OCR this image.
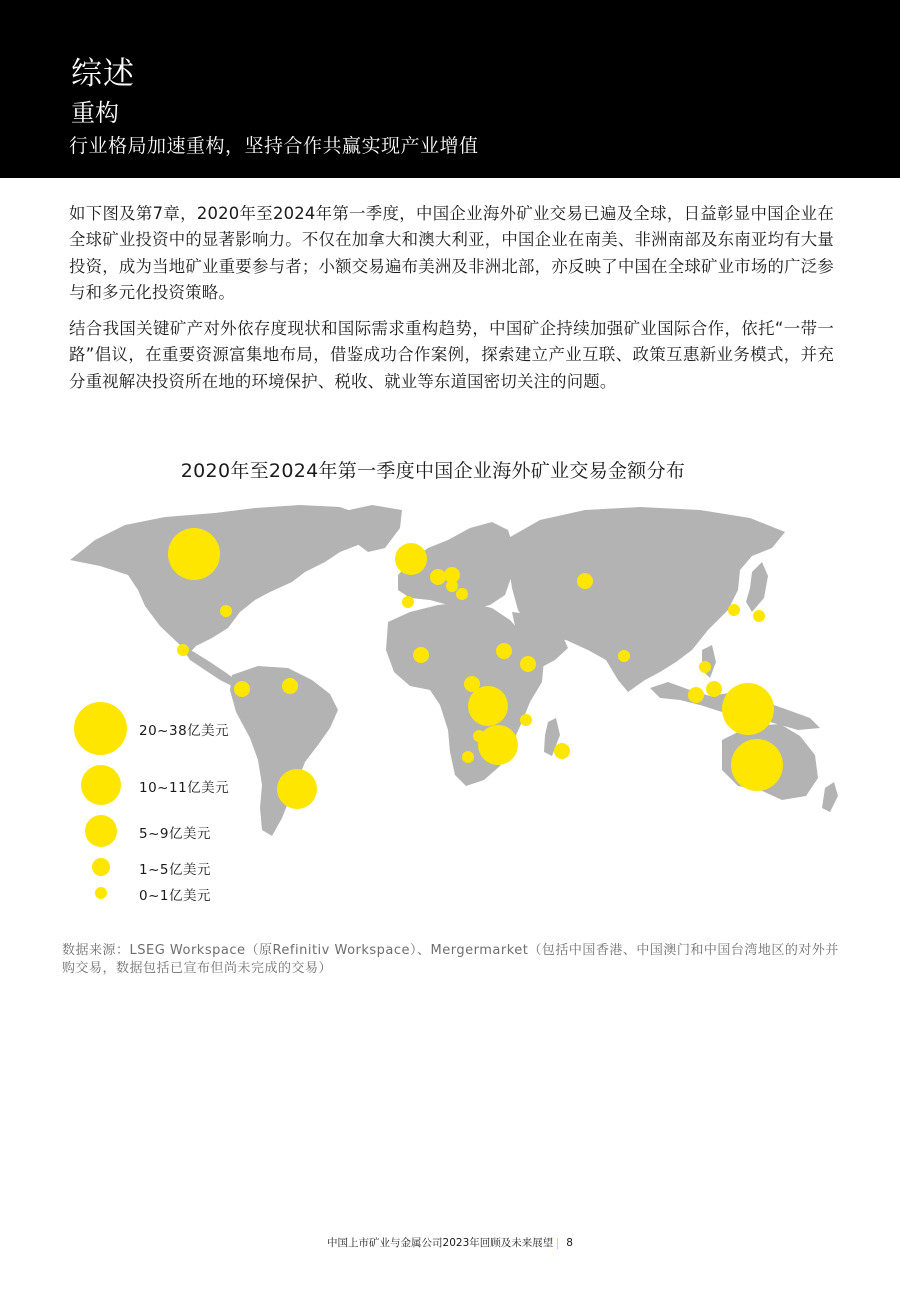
综述
重构
行业格局加速重构，坚持合作共赢实现产业增值

如下图及第7章，2020年至2024年第一季度，中国企业海外矿业交易已遍及全球，日益彰显中国企业在全球矿业投资中的显著影响力。不仅在加拿大和澳大利亚，中国企业在南美、非洲南部及东南亚均有大量投资，成为当地矿业重要参与者；小额交易遍布美洲及非洲北部，亦反映了中国在全球矿业市场的广泛参与和多元化投资策略。

结合我国关键矿产对外依存度现状和国际需求重构趋势，中国矿企持续加强矿业国际合作，依托“一带一路”倡议，在重要资源富集地布局，借鉴成功合作案例，探索建立产业互联、政策互惠新业务模式，并充分重视解决投资所在地的环境保护、税收、就业等东道国密切关注的问题。

2020年至2024年第一季度中国企业海外矿业交易金额分布
20~38亿美元
10~11亿美元
5~9亿美元
1~5亿美元
0~1亿美元

数据来源：LSEG Workspace（原Refinitiv Workspace）、Mergermarket（包括中国香港、中国澳门和中国台湾地区的对外并购交易，数据包括已宣布但尚未完成的交易）

中国上市矿业与金属公司2023年回顾及未来展望 8
